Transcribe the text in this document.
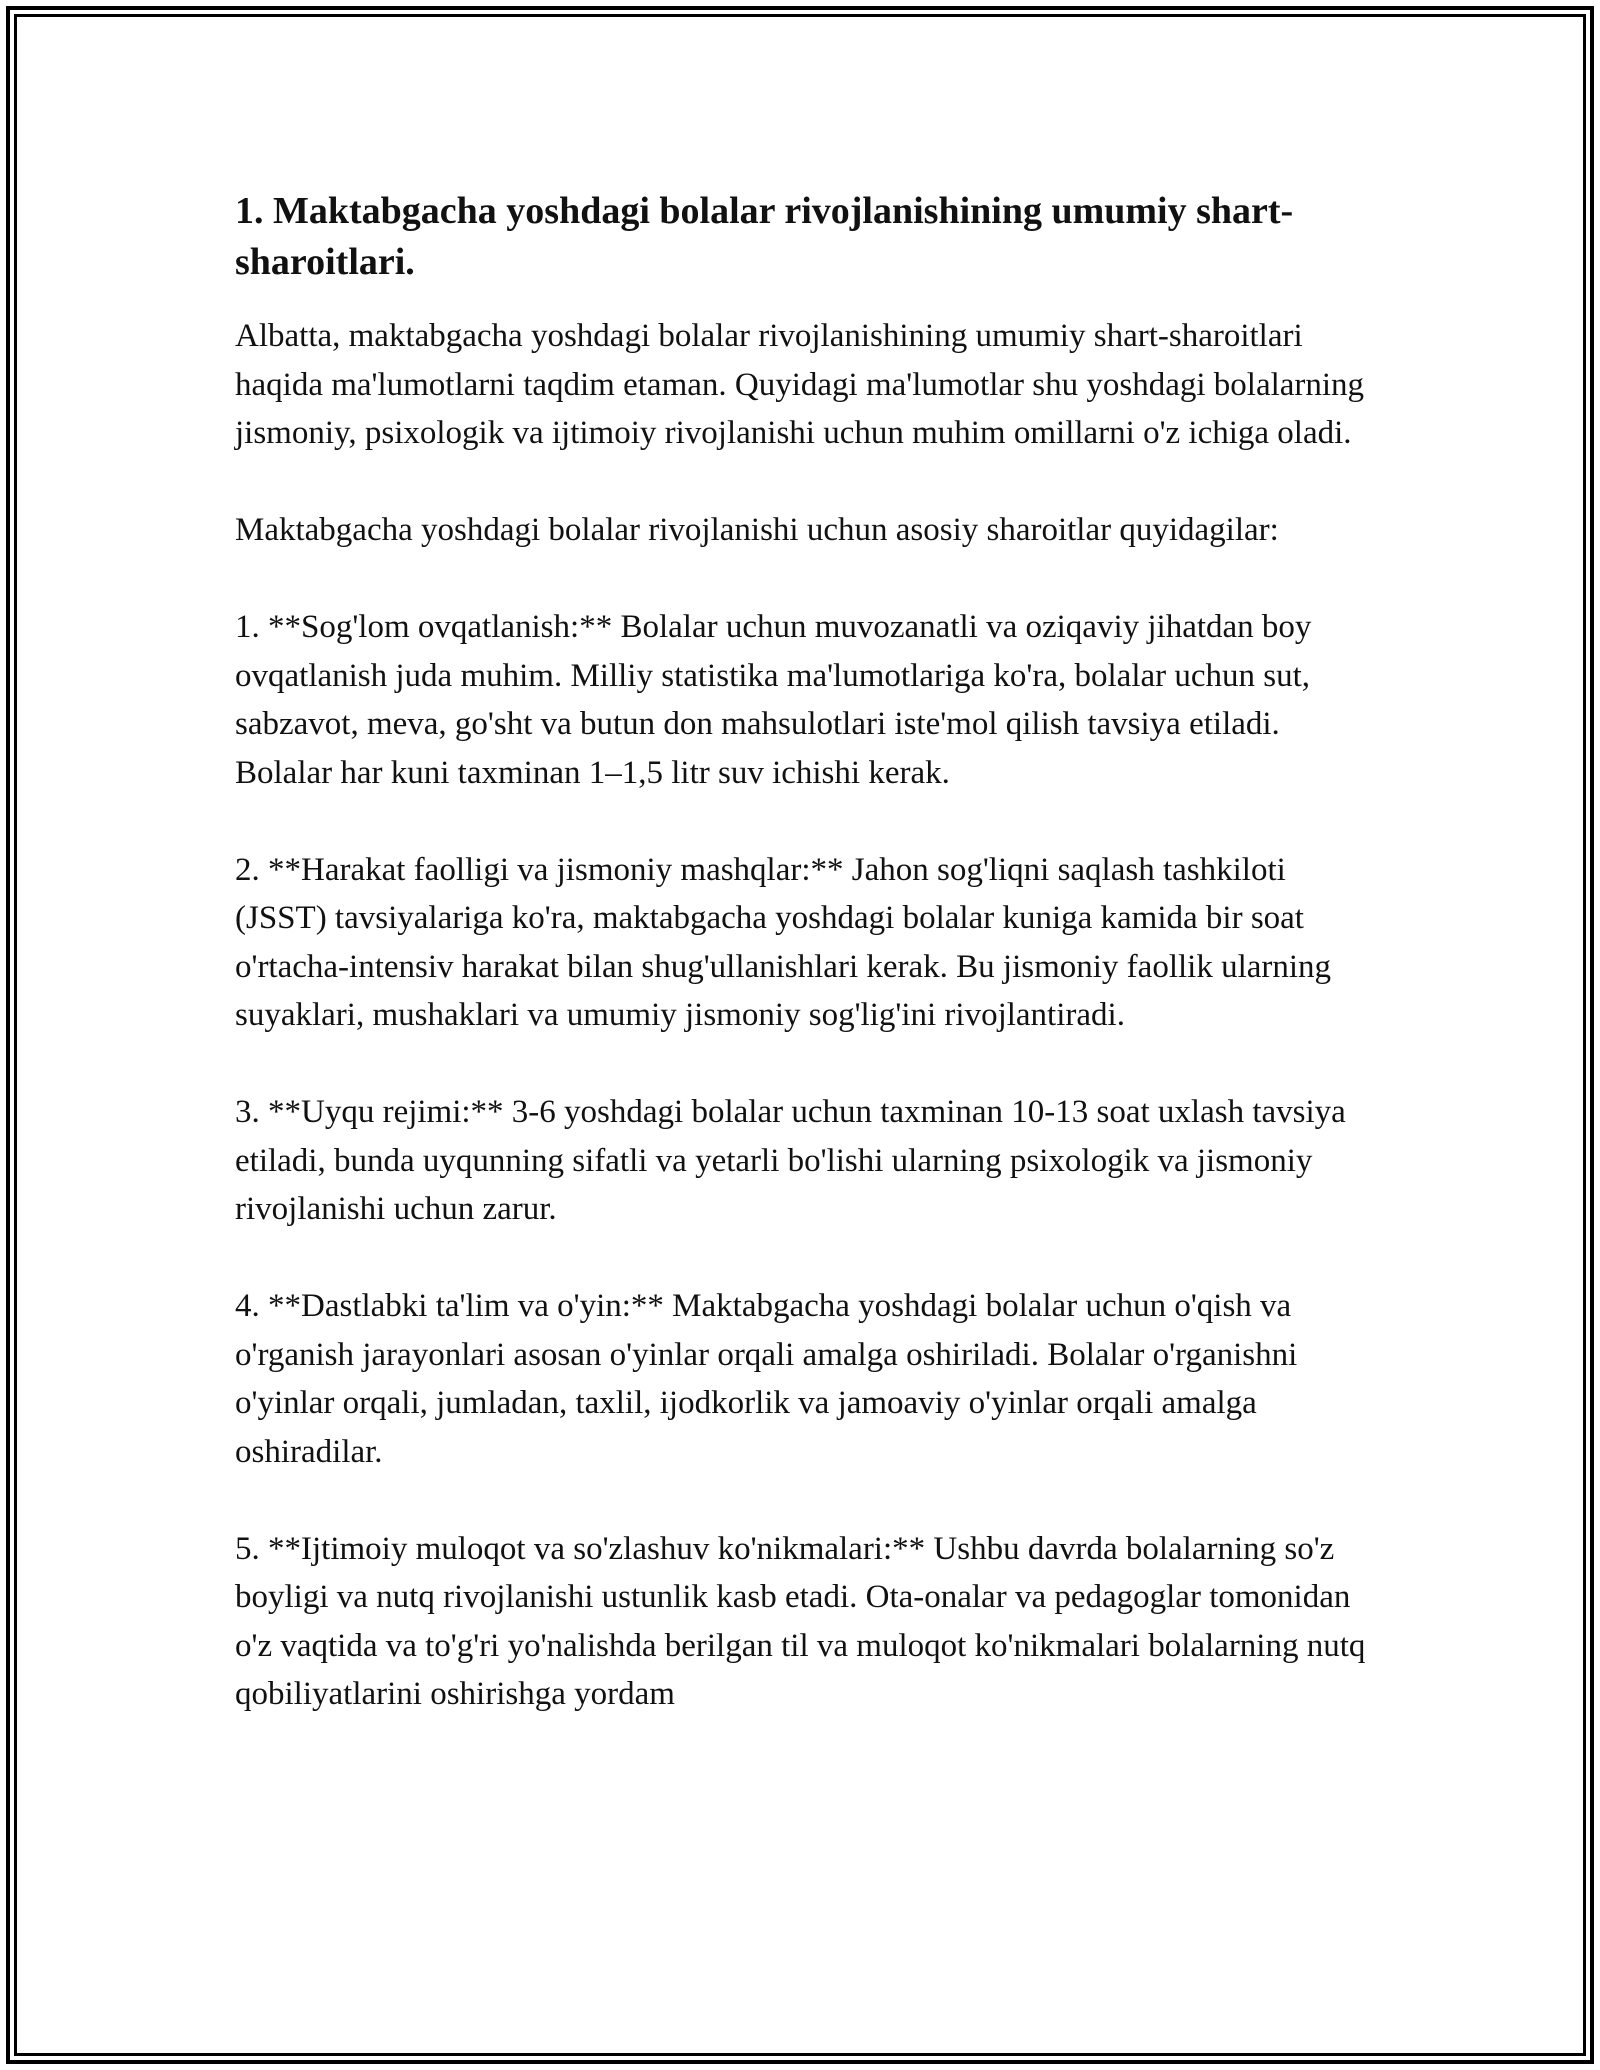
1. Maktabgacha yoshdagi bolalar rivojlanishining umumiy shart-sharoitlari.

Albatta, maktabgacha yoshdagi bolalar rivojlanishining umumiy shart-sharoitlari haqida ma'lumotlarni taqdim etaman. Quyidagi ma'lumotlar shu yoshdagi bolalarning jismoniy, psixologik va ijtimoiy rivojlanishi uchun muhim omillarni o'z ichiga oladi.

Maktabgacha yoshdagi bolalar rivojlanishi uchun asosiy sharoitlar quyidagilar:

1. **Sog'lom ovqatlanish:** Bolalar uchun muvozanatli va oziqaviy jihatdan boy ovqatlanish juda muhim. Milliy statistika ma'lumotlariga ko'ra, bolalar uchun sut, sabzavot, meva, go'sht va butun don mahsulotlari iste'mol qilish tavsiya etiladi. Bolalar har kuni taxminan 1–1,5 litr suv ichishi kerak.

2. **Harakat faolligi va jismoniy mashqlar:** Jahon sog'liqni saqlash tashkiloti (JSST) tavsiyalariga ko'ra, maktabgacha yoshdagi bolalar kuniga kamida bir soat o'rtacha-intensiv harakat bilan shug'ullanishlari kerak. Bu jismoniy faollik ularning suyaklari, mushaklari va umumiy jismoniy sog'lig'ini rivojlantiradi.

3. **Uyqu rejimi:** 3-6 yoshdagi bolalar uchun taxminan 10-13 soat uxlash tavsiya etiladi, bunda uyqunning sifatli va yetarli bo'lishi ularning psixologik va jismoniy rivojlanishi uchun zarur.

4. **Dastlabki ta'lim va o'yin:** Maktabgacha yoshdagi bolalar uchun o'qish va o'rganish jarayonlari asosan o'yinlar orqali amalga oshiriladi. Bolalar o'rganishni o'yinlar orqali, jumladan, taxlil, ijodkorlik va jamoaviy o'yinlar orqali amalga oshiradilar.

5. **Ijtimoiy muloqot va so'zlashuv ko'nikmalari:** Ushbu davrda bolalarning so'z boyligi va nutq rivojlanishi ustunlik kasb etadi. Ota-onalar va pedagoglar tomonidan o'z vaqtida va to'g'ri yo'nalishda berilgan til va muloqot ko'nikmalari bolalarning nutq qobiliyatlarini oshirishga yordam
